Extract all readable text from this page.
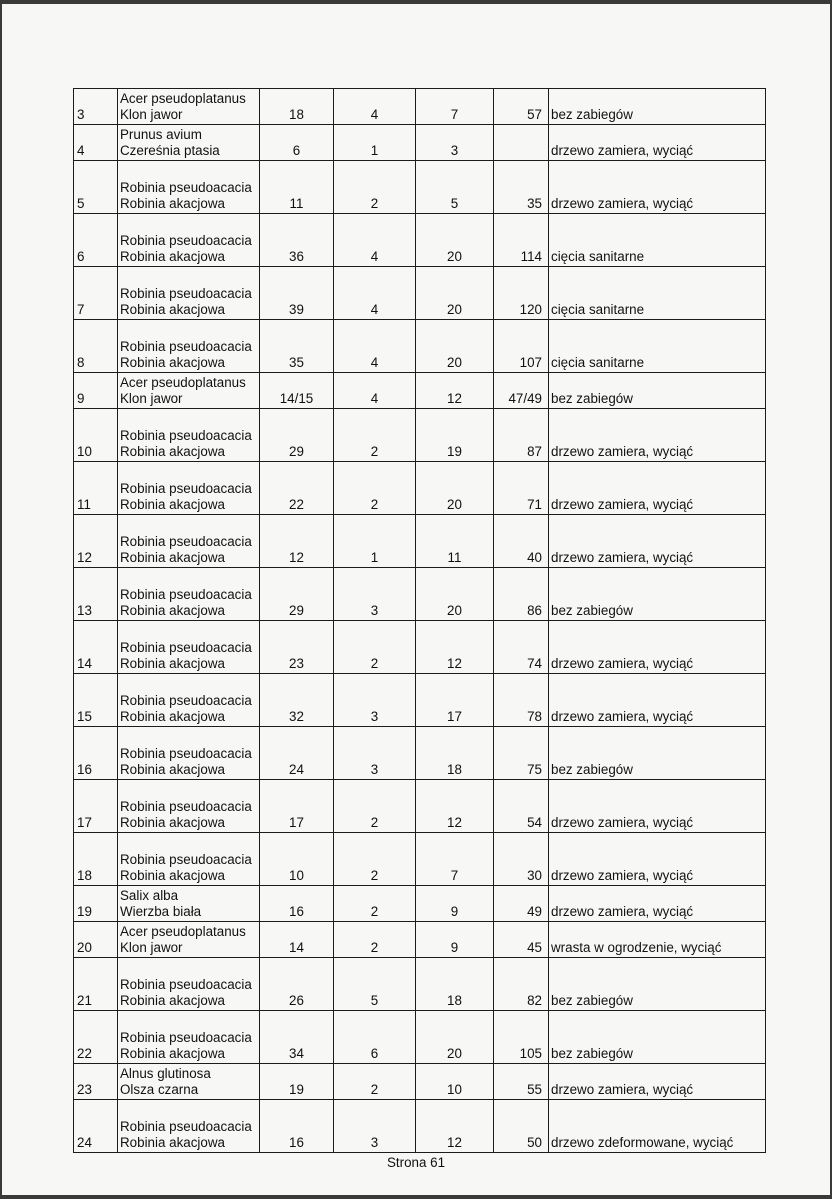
3	Acer pseudoplatanus
Klon jawor	18	4	7	57	bez zabiegów
4	Prunus avium
Czereśnia ptasia	6	1	3		drzewo zamiera, wyciąć
5	Robinia pseudoacacia
Robinia akacjowa	11	2	5	35	drzewo zamiera, wyciąć
6	Robinia pseudoacacia
Robinia akacjowa	36	4	20	114	cięcia sanitarne
7	Robinia pseudoacacia
Robinia akacjowa	39	4	20	120	cięcia sanitarne
8	Robinia pseudoacacia
Robinia akacjowa	35	4	20	107	cięcia sanitarne
9	Acer pseudoplatanus
Klon jawor	14/15	4	12	47/49	bez zabiegów
10	Robinia pseudoacacia
Robinia akacjowa	29	2	19	87	drzewo zamiera, wyciąć
11	Robinia pseudoacacia
Robinia akacjowa	22	2	20	71	drzewo zamiera, wyciąć
12	Robinia pseudoacacia
Robinia akacjowa	12	1	11	40	drzewo zamiera, wyciąć
13	Robinia pseudoacacia
Robinia akacjowa	29	3	20	86	bez zabiegów
14	Robinia pseudoacacia
Robinia akacjowa	23	2	12	74	drzewo zamiera, wyciąć
15	Robinia pseudoacacia
Robinia akacjowa	32	3	17	78	drzewo zamiera, wyciąć
16	Robinia pseudoacacia
Robinia akacjowa	24	3	18	75	bez zabiegów
17	Robinia pseudoacacia
Robinia akacjowa	17	2	12	54	drzewo zamiera, wyciąć
18	Robinia pseudoacacia
Robinia akacjowa	10	2	7	30	drzewo zamiera, wyciąć
19	Salix alba
Wierzba biała	16	2	9	49	drzewo zamiera, wyciąć
20	Acer pseudoplatanus
Klon jawor	14	2	9	45	wrasta w ogrodzenie, wyciąć
21	Robinia pseudoacacia
Robinia akacjowa	26	5	18	82	bez zabiegów
22	Robinia pseudoacacia
Robinia akacjowa	34	6	20	105	bez zabiegów
23	Alnus glutinosa
Olsza czarna	19	2	10	55	drzewo zamiera, wyciąć
24	Robinia pseudoacacia
Robinia akacjowa	16	3	12	50	drzewo zdeformowane, wyciąć
Strona 61
